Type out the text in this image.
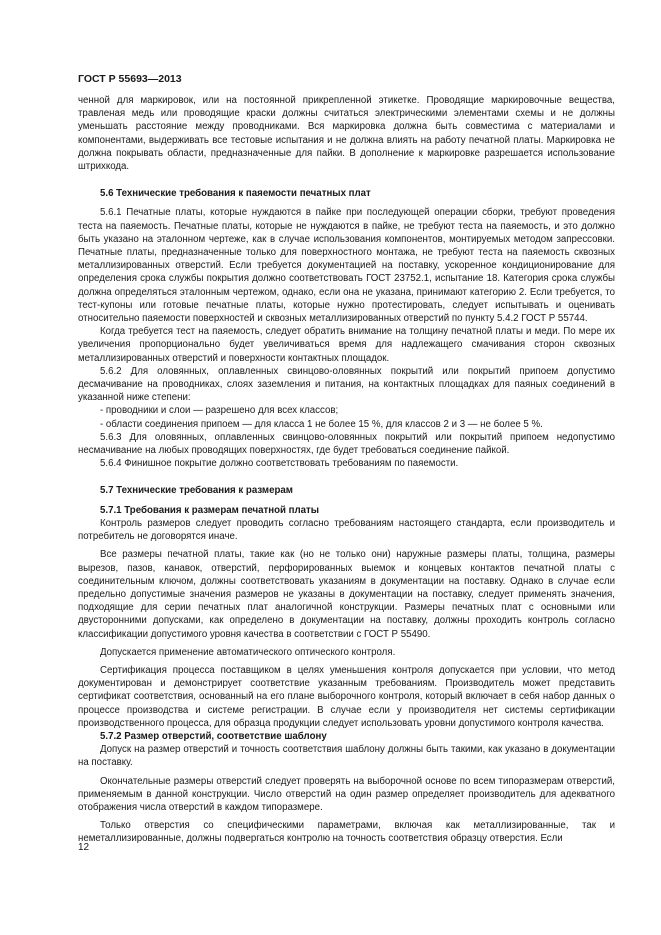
ГОСТ Р 55693—2013

ченной для маркировок, или на постоянной прикрепленной этикетке. Проводящие маркировочные вещества, травленая медь или проводящие краски должны считаться электрическими элементами схемы и не должны уменьшать расстояние между проводниками. Вся маркировка должна быть совместима с материалами и компонентами, выдерживать все тестовые испытания и не должна влиять на работу печатной платы. Маркировка не должна покрывать области, предназначенные для пайки. В дополнение к маркировке разрешается использование штрихкода.

5.6 Технические требования к паяемости печатных плат

5.6.1 Печатные платы, которые нуждаются в пайке при последующей операции сборки, требуют проведения теста на паяемость. Печатные платы, которые не нуждаются в пайке, не требуют теста на паяемость, и это должно быть указано на эталонном чертеже, как в случае использования компонентов, монтируемых методом запрессовки. Печатные платы, предназначенные только для поверхностного монтажа, не требуют теста на паяемость сквозных металлизированных отверстий. Если требуется документацией на поставку, ускоренное кондиционирование для определения срока службы покрытия должно соответствовать ГОСТ 23752.1, испытание 18. Категория срока службы должна определяться эталонным чертежом, однако, если она не указана, принимают категорию 2. Если требуется, то тест-купоны или готовые печатные платы, которые нужно протестировать, следует испытывать и оценивать относительно паяемости поверхностей и сквозных металлизированных отверстий по пункту 5.4.2 ГОСТ Р 55744.

Когда требуется тест на паяемость, следует обратить внимание на толщину печатной платы и меди. По мере их увеличения пропорционально будет увеличиваться время для надлежащего смачивания сторон сквозных металлизированных отверстий и поверхности контактных площадок.

5.6.2 Для оловянных, оплавленных свинцово-оловянных покрытий или покрытий припоем допустимо десмачивание на проводниках, слоях заземления и питания, на контактных площадках для паяных соединений в указанной ниже степени:

- проводники и слои — разрешено для всех классов;

- области соединения припоем — для класса 1 не более 15 %, для классов 2 и 3 — не более 5 %.

5.6.3 Для оловянных, оплавленных свинцово-оловянных покрытий или покрытий припоем недопустимо несмачивание на любых проводящих поверхностях, где будет требоваться соединение пайкой.

5.6.4 Финишное покрытие должно соответствовать требованиям по паяемости.

5.7 Технические требования к размерам

5.7.1 Требования к размерам печатной платы

Контроль размеров следует проводить согласно требованиям настоящего стандарта, если производитель и потребитель не договорятся иначе.

Все размеры печатной платы, такие как (но не только они) наружные размеры платы, толщина, размеры вырезов, пазов, канавок, отверстий, перфорированных выемок и концевых контактов печатной платы с соединительным ключом, должны соответствовать указаниям в документации на поставку. Однако в случае если предельно допустимые значения размеров не указаны в документации на поставку, следует применять значения, подходящие для серии печатных плат аналогичной конструкции. Размеры печатных плат с основными или двусторонними допусками, как определено в документации на поставку, должны проходить контроль согласно классификации допустимого уровня качества в соответствии с ГОСТ Р 55490.

Допускается применение автоматического оптического контроля.

Сертификация процесса поставщиком в целях уменьшения контроля допускается при условии, что метод документирован и демонстрирует соответствие указанным требованиям. Производитель может представить сертификат соответствия, основанный на его плане выборочного контроля, который включает в себя набор данных о процессе производства и системе регистрации. В случае если у производителя нет системы сертификации производственного процесса, для образца продукции следует использовать уровни допустимого контроля качества.

5.7.2 Размер отверстий, соответствие шаблону

Допуск на размер отверстий и точность соответствия шаблону должны быть такими, как указано в документации на поставку.

Окончательные размеры отверстий следует проверять на выборочной основе по всем типоразмерам отверстий, применяемым в данной конструкции. Число отверстий на один размер определяет производитель для адекватного отображения числа отверстий в каждом типоразмере.

Только отверстия со специфическими параметрами, включая как металлизированные, так и неметаллизированные, должны подвергаться контролю на точность соответствия образцу отверстия. Если

12
